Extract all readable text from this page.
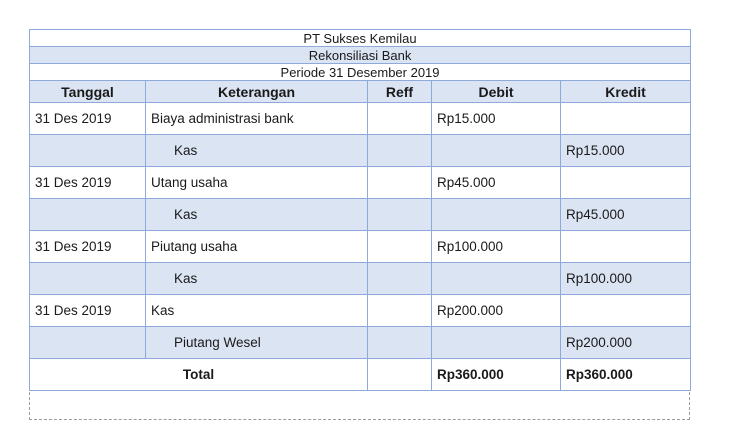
PT Sukses Kemilau				
Rekonsiliasi Bank				
Periode 31 Desember 2019				
Tanggal	Keterangan	Reff	Debit	Kredit
31 Des 2019	Biaya administrasi bank		Rp15.000	
	Kas			Rp15.000
31 Des 2019	Utang usaha		Rp45.000	
	Kas			Rp45.000
31 Des 2019	Piutang usaha		Rp100.000	
	Kas			Rp100.000
31 Des 2019	Kas		Rp200.000	
	Piutang Wesel			Rp200.000
Total			Rp360.000	Rp360.000
